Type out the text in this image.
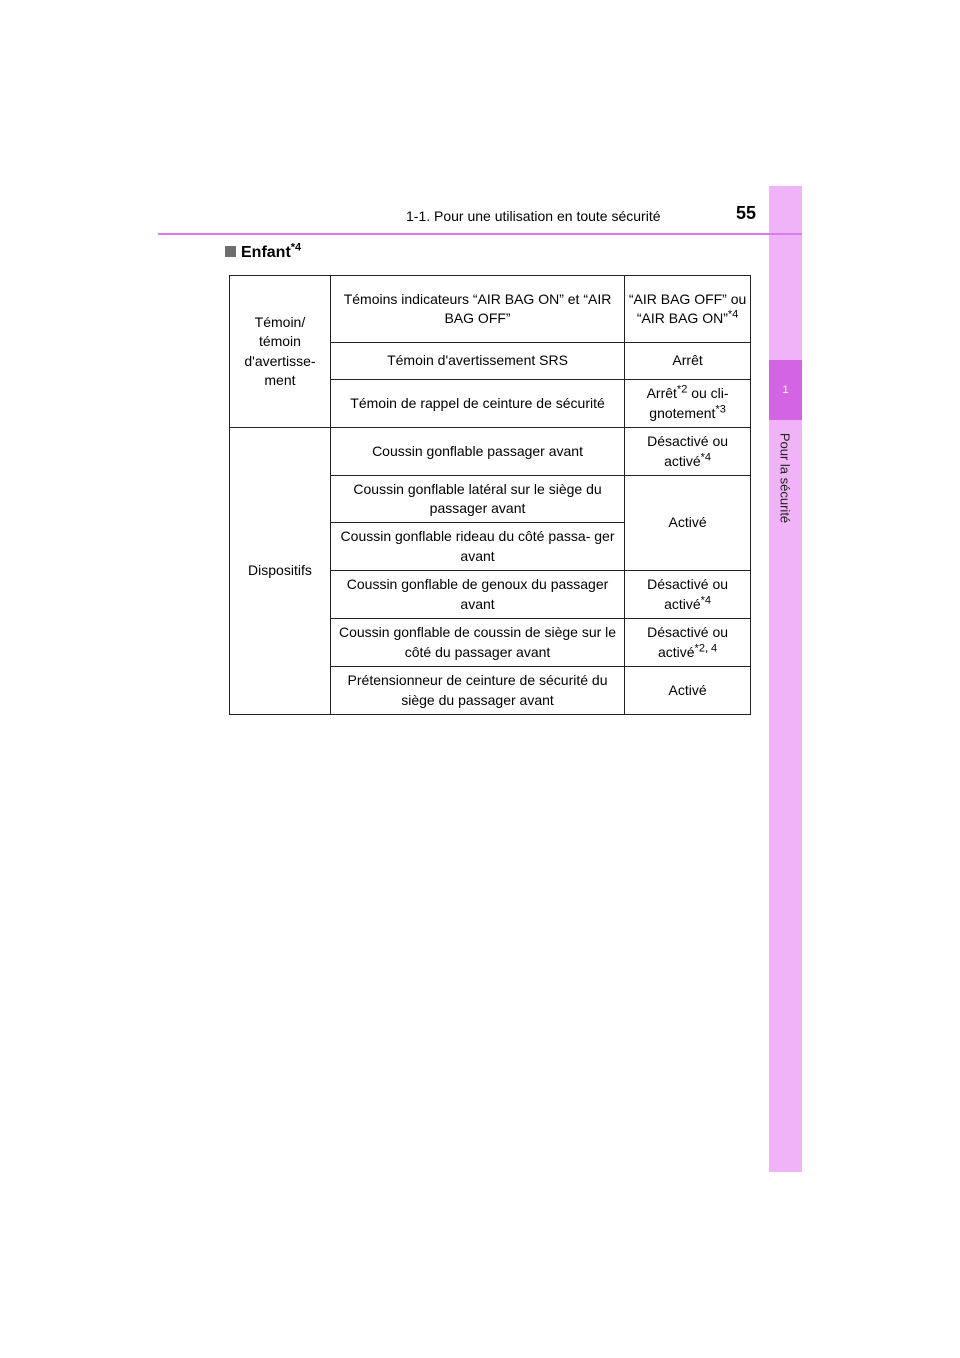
1
Pour la sécurité
1-1. Pour une utilisation en toute sécurité	55
Enfant$^{*4}$
Témoin/ témoin d'avertisse- ment	Témoins indicateurs “AIR BAG ON” et “AIR BAG OFF”	“AIR BAG OFF” ou “AIR BAG ON”$^{*4}$
	Témoin d'avertissement SRS	Arrêt
	Témoin de rappel de ceinture de sécurité	Arrêt$^{*2}$ ou cli- gnotement$^{*3}$
Dispositifs	Coussin gonflable passager avant	Désactivé ou activé$^{*4}$
	Coussin gonflable latéral sur le siège du passager avant	Activé
	Coussin gonflable rideau du côté passa- ger avant	
	Coussin gonflable de genoux du passager avant	Désactivé ou activé$^{*4}$
	Coussin gonflable de coussin de siège sur le côté du passager avant	Désactivé ou activé$^{*2, 4}$
	Prétensionneur de ceinture de sécurité du siège du passager avant	Activé
